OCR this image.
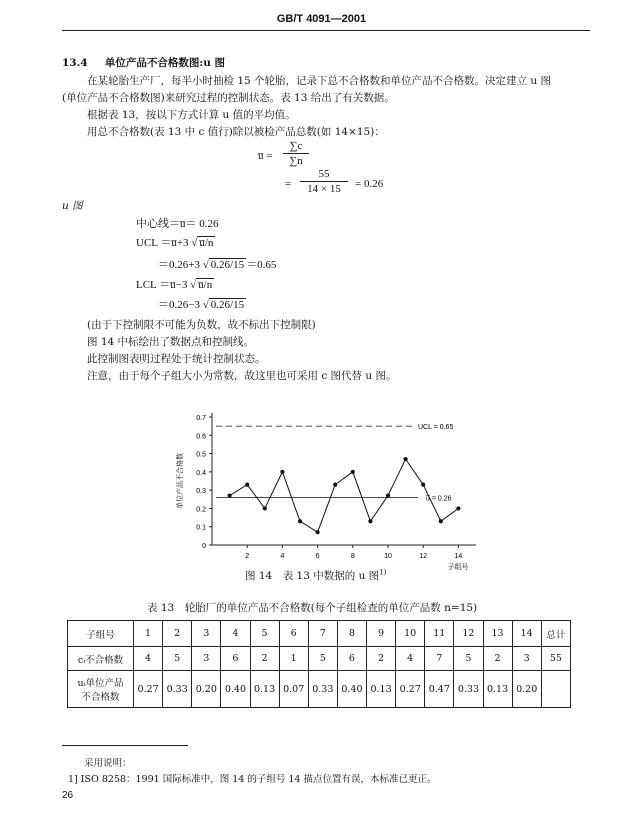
GB/T 4091—2001
13.4 单位产品不合格数图:u 图
在某轮胎生产厂，每半小时抽检 15 个轮胎，记录下总不合格数和单位产品不合格数。决定建立 u 图
(单位产品不合格数图)来研究过程的控制状态。表 13 给出了有关数据。
根据表 13，按以下方式计算 u 值的平均值。
用总不合格数(表 13 中 c 值行)除以被检产品总数(如 14×15)：
u̅ =
∑c
∑n
=
55
14 × 15	= 0.26
u 图
中心线＝u̅＝ 0.26
UCL ＝u̅+3 √ u̅/n
＝0.26+3 √ 0.26/15 ＝0.65
LCL ＝u̅−3 √ u̅/n
＝0.26−3 √ 0.26/15
(由于下控制限不可能为负数，故不标出下控制限)
图 14 中标绘出了数据点和控制线。
此控制图表明过程处于统计控制状态。
注意，由于每个子组大小为常数，故这里也可采用 c 图代替 u 图。
0
0.1
0.2
0.3
0.4
0.5
0.6
0.7
2	4	6	8	10	12	14
UCL = 0.65
u̅ = 0.26
单位产品不合格数
子组号
图 14　表 13 中数据的 u 图$^{1)}$
表 13　轮胎厂的单位产品不合格数(每个子组检查的单位产品数 n=15)
子组号	1	2	3	4	5	6	7	8	9	10	11	12	13	14	总计
cᵢ不合格数	4	5	3	6	2	1	5	6	2	4	7	5	2	3	55

uᵢ单位产品
不合格数	0.27	0.33	0.20	0.40	0.13	0.07	0.33	0.40	0.13	0.27	0.47	0.33	0.13	0.20	
采用说明：
1] ISO 8258：1991 国际标准中，图 14 的子组号 14 描点位置有误，本标准已更正。
26
